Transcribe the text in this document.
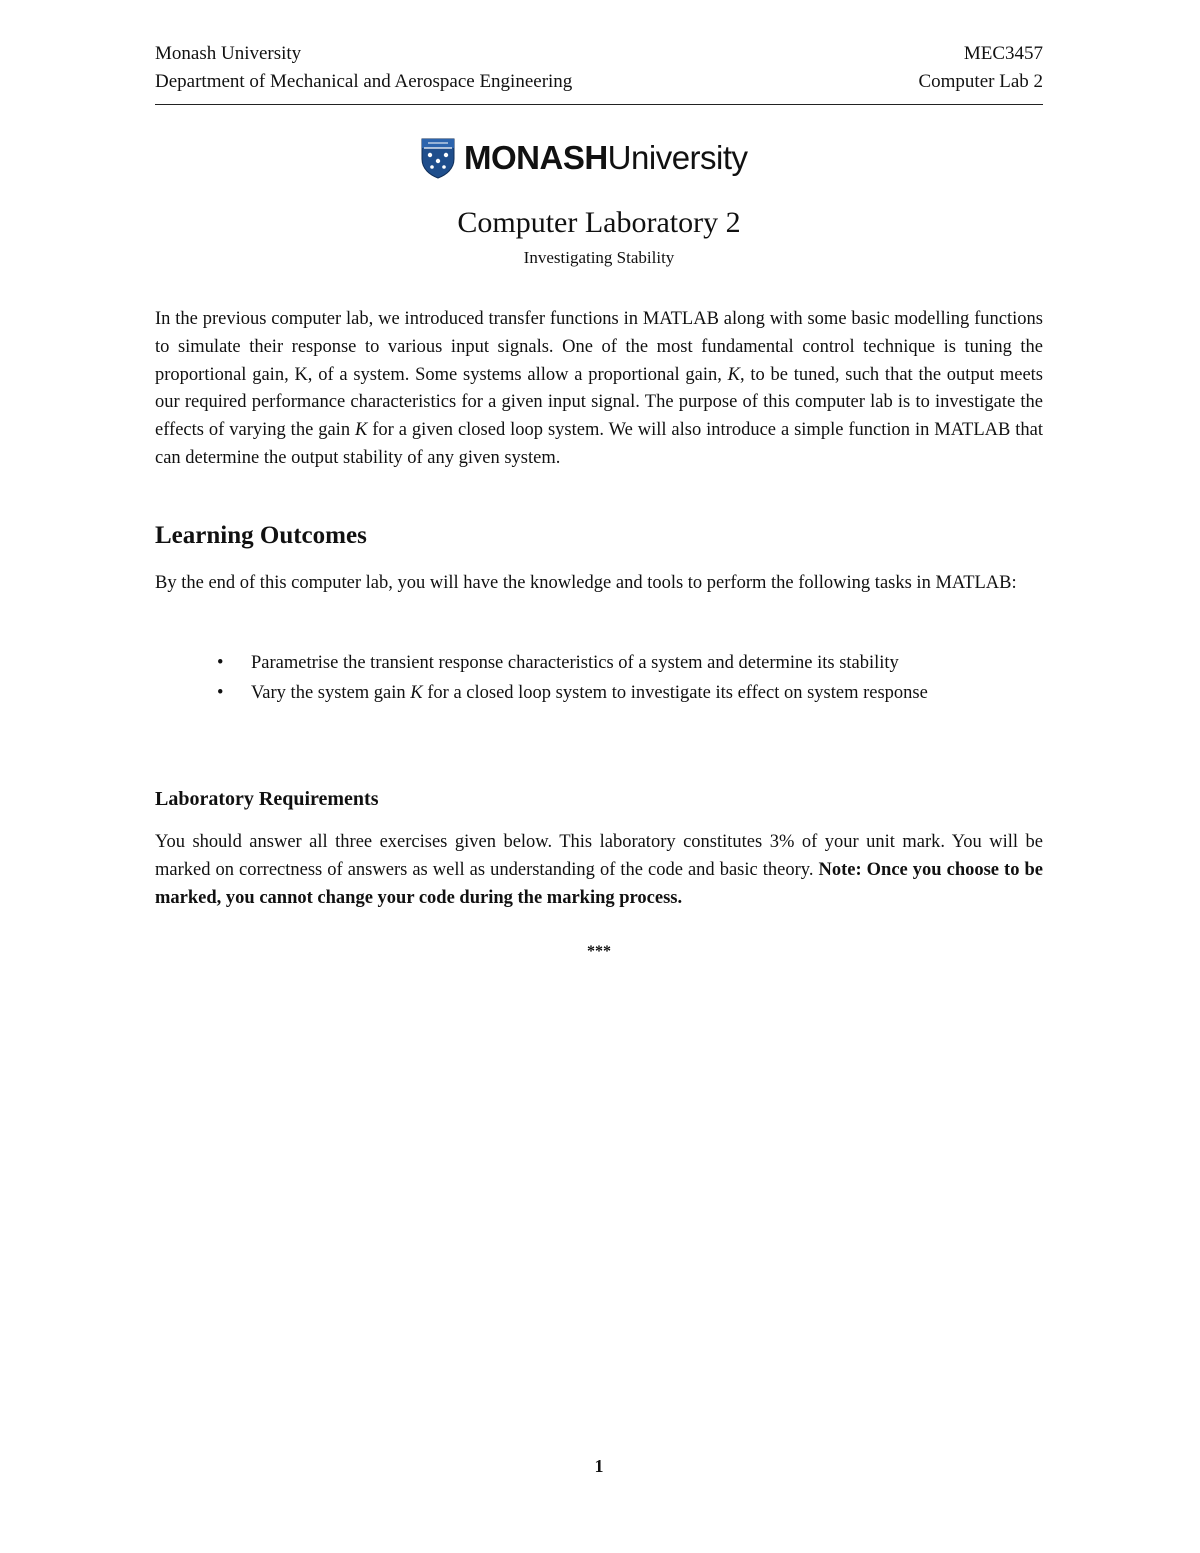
Monash University
Department of Mechanical and Aerospace Engineering
MEC3457
Computer Lab 2
MONASHUniversity
Computer Laboratory 2
Investigating Stability
In the previous computer lab, we introduced transfer functions in MATLAB along with some basic modelling functions to simulate their response to various input signals. One of the most fundamental control technique is tuning the proportional gain, K, of a system. Some systems allow a proportional gain, K, to be tuned, such that the output meets our required performance characteristics for a given input signal. The purpose of this computer lab is to investigate the effects of varying the gain K for a given closed loop system. We will also introduce a simple function in MATLAB that can determine the output stability of any given system.
Learning Outcomes
By the end of this computer lab, you will have the knowledge and tools to perform the following tasks in MATLAB:
• Parametrise the transient response characteristics of a system and determine its stability
• Vary the system gain K for a closed loop system to investigate its effect on system response
Laboratory Requirements
You should answer all three exercises given below. This laboratory constitutes 3% of your unit mark. You will be marked on correctness of answers as well as understanding of the code and basic theory. Note: Once you choose to be marked, you cannot change your code during the marking process.
***
1
